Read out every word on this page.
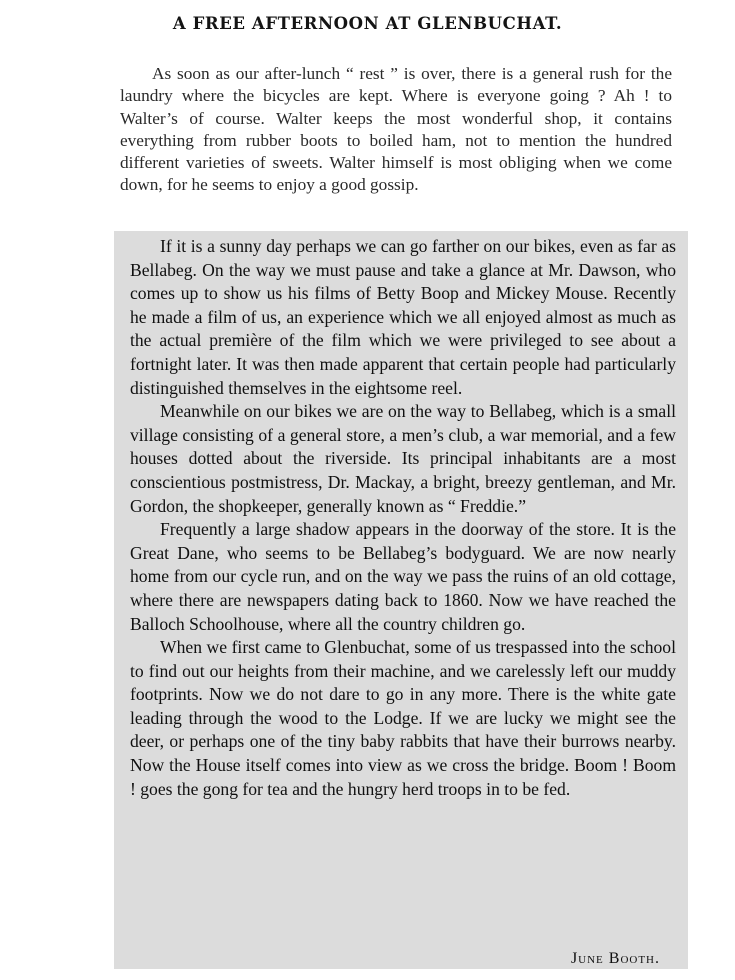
A FREE AFTERNOON AT GLENBUCHAT.

As soon as our after-lunch “ rest ” is over, there is a general rush for the laundry where the bicycles are kept. Where is everyone going ? Ah ! to Walter’s of course. Walter keeps the most wonderful shop, it contains everything from rubber boots to boiled ham, not to mention the hundred different varieties of sweets. Walter himself is most obliging when we come down, for he seems to enjoy a good gossip.

If it is a sunny day perhaps we can go farther on our bikes, even as far as Bellabeg. On the way we must pause and take a glance at Mr. Dawson, who comes up to show us his films of Betty Boop and Mickey Mouse. Recently he made a film of us, an experience which we all enjoyed almost as much as the actual première of the film which we were privileged to see about a fortnight later. It was then made apparent that certain people had particularly distinguished themselves in the eightsome reel.

Meanwhile on our bikes we are on the way to Bellabeg, which is a small village consisting of a general store, a men’s club, a war memorial, and a few houses dotted about the riverside. Its principal inhabitants are a most conscientious postmistress, Dr. Mackay, a bright, breezy gentleman, and Mr. Gordon, the shopkeeper, generally known as “ Freddie.”

Frequently a large shadow appears in the doorway of the store. It is the Great Dane, who seems to be Bellabeg’s bodyguard. We are now nearly home from our cycle run, and on the way we pass the ruins of an old cottage, where there are newspapers dating back to 1860. Now we have reached the Balloch Schoolhouse, where all the country children go.

When we first came to Glenbuchat, some of us trespassed into the school to find out our heights from their machine, and we carelessly left our muddy footprints. Now we do not dare to go in any more. There is the white gate leading through the wood to the Lodge. If we are lucky we might see the deer, or perhaps one of the tiny baby rabbits that have their burrows nearby. Now the House itself comes into view as we cross the bridge. Boom ! Boom ! goes the gong for tea and the hungry herd troops in to be fed.

June Booth.
